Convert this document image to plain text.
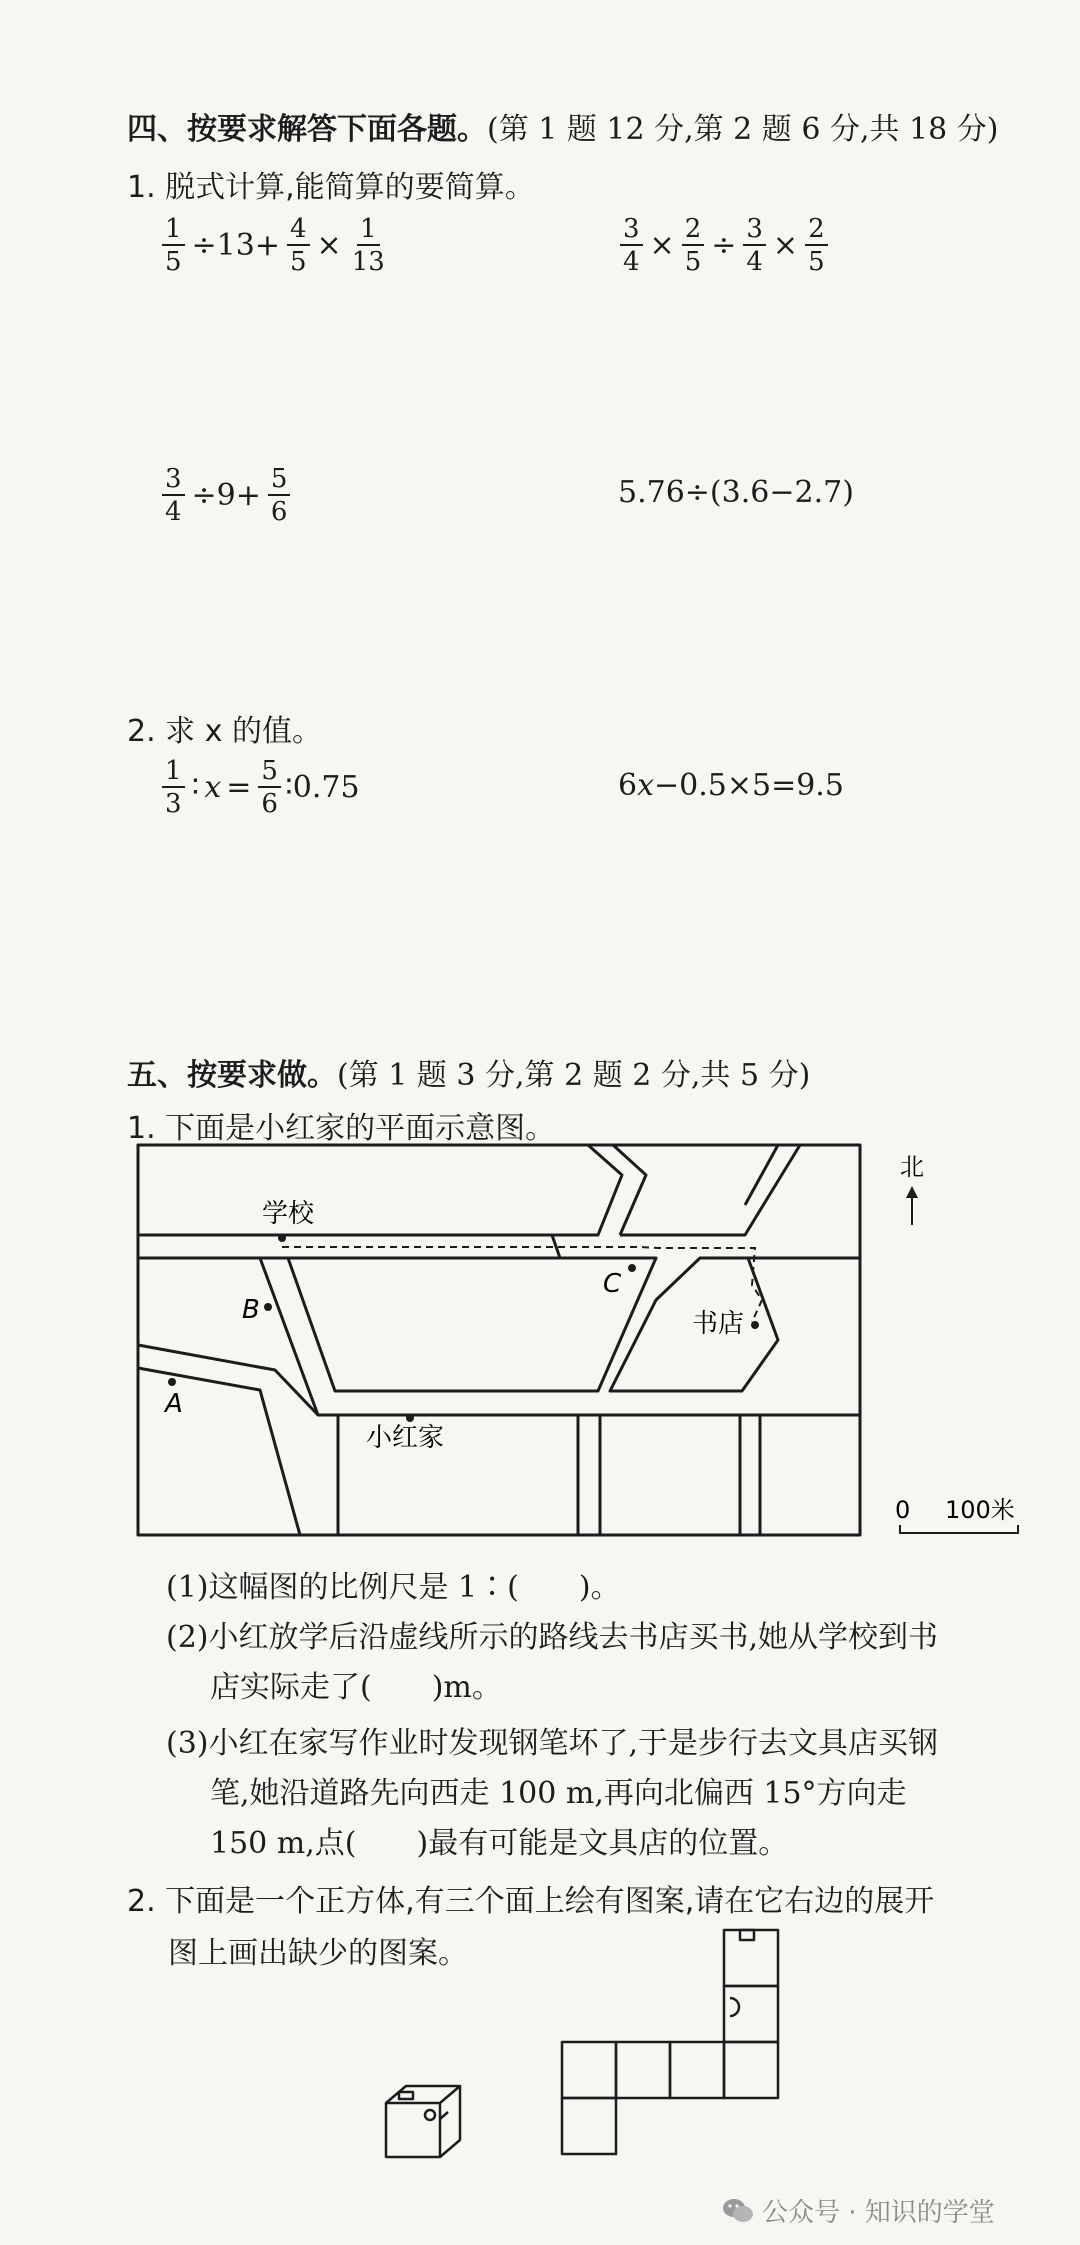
四、按要求解答下面各题。(第 1 题 12 分,第 2 题 6 分,共 18 分)
1. 脱式计算,能简算的要简算。
$\frac{1}{5} \div 13+ \frac{4}{5} \times \frac{1}{13}$	$\frac{3}{4} \times \frac{2}{5} \div \frac{3}{4} \times \frac{2}{5}$
$\frac{3}{4} \div 9+ \frac{5}{6}$	5.76÷(3.6−2.7)
2. 求 x 的值。
$\frac{1}{3}$ ∶ $x = \frac{5}{6}$ ∶0.75	6x−0.5×5=9.5
五、按要求做。(第 1 题 3 分,第 2 题 2 分,共 5 分)
1. 下面是小红家的平面示意图。
学校
C
书店
B
A
小红家
北
0 100米
(1)这幅图的比例尺是 1∶(　　)。
(2)小红放学后沿虚线所示的路线去书店买书,她从学校到书
店实际走了(　　)m。
(3)小红在家写作业时发现钢笔坏了,于是步行去文具店买钢
笔,她沿道路先向西走 100 m,再向北偏西 15°方向走
150 m,点(　　)最有可能是文具店的位置。
2. 下面是一个正方体,有三个面上绘有图案,请在它右边的展开
图上画出缺少的图案。
公众号 · 知识的学堂
